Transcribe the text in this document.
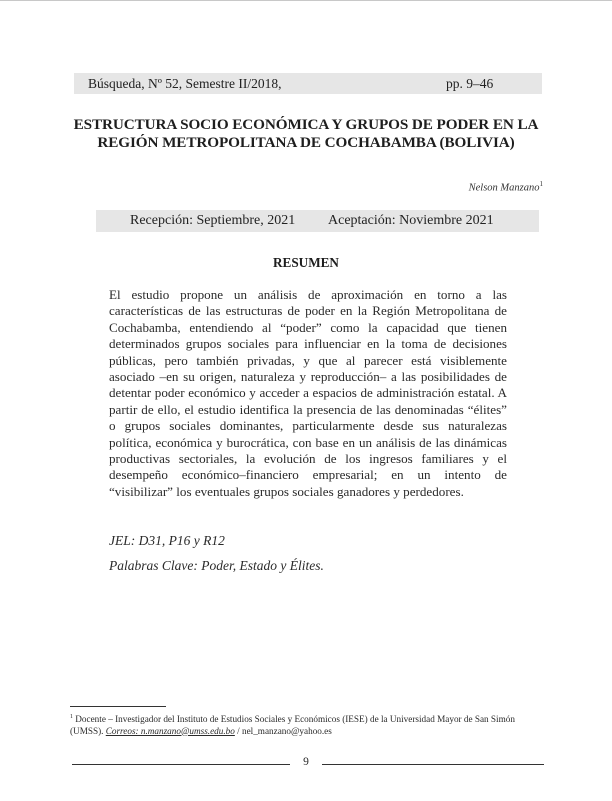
Búsqueda, Nº 52, Semestre II/2018,	pp. 9–46
ESTRUCTURA SOCIO ECONÓMICA Y GRUPOS DE PODER EN LA REGIÓN METROPOLITANA DE COCHABAMBA (BOLIVIA)
Nelson Manzano$^1$
Recepción: Septiembre, 2021 Aceptación: Noviembre 2021
RESUMEN

El estudio propone un análisis de aproximación en torno a las características de las estructuras de poder en la Región Metropolitana de Cochabamba, entendiendo al “poder” como la capacidad que tienen determinados grupos sociales para influenciar en la toma de decisiones públicas, pero también privadas, y que al parecer está visiblemente asociado –en su origen, naturaleza y reproducción– a las posibilidades de detentar poder económico y acceder a espacios de administración estatal. A partir de ello, el estudio identifica la presencia de las denominadas “élites” o grupos sociales dominantes, particularmente desde sus naturalezas política, económica y burocrática, con base en un análisis de las dinámicas productivas sectoriales, la evolución de los ingresos familiares y el desempeño económico–financiero empresarial; en un intento de “visibilizar” los eventuales grupos sociales ganadores y perdedores.

JEL: D31, P16 y R12

Palabras Clave: Poder, Estado y Élites.

$^1$ Docente – Investigador del Instituto de Estudios Sociales y Económicos (IESE) de la Universidad Mayor de San Simón (UMSS). Correos: n.manzano@umss.edu.bo / nel_manzano@yahoo.es

9
